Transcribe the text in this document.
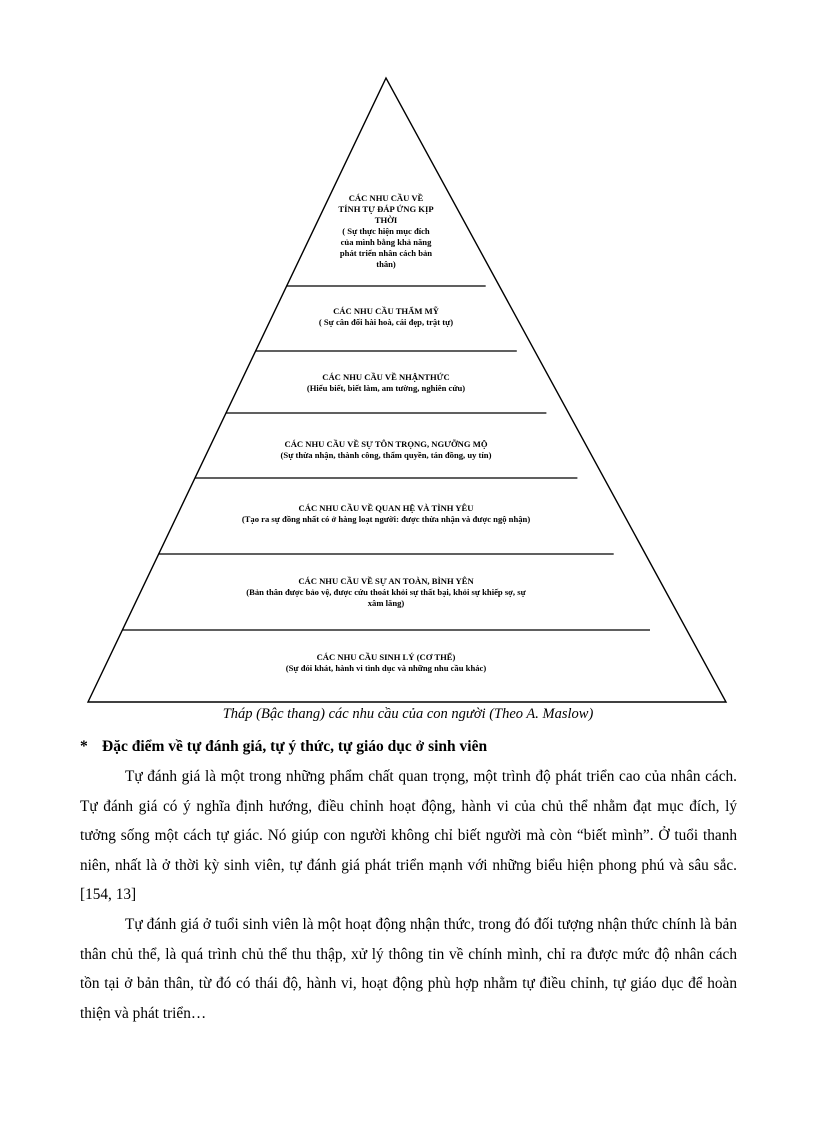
CÁC NHU CẦU VỀ
TÍNH TỰ ĐÁP ỨNG KỊP
THỜI
( Sự thực hiện mục đích
của mình bằng khả năng
phát triển nhân cách bản
thân)
CÁC NHU CẦU THẨM MỸ
( Sự cân đối hài hoà, cái đẹp, trật tự)
CÁC NHU CẦU VỀ NHẬNTHỨC
(Hiểu biết, biết làm, am tường, nghiên cứu)
CÁC NHU CẦU VỀ SỰ TÔN TRỌNG, NGƯỠNG MỘ
(Sự thừa nhận, thành công, thẩm quyền, tán đồng, uy tín)
CÁC NHU CẦU VỀ QUAN HỆ VÀ TÌNH YÊU
(Tạo ra sự đồng nhất có ở hàng loạt người: được thừa nhận và được ngộ nhận)
CÁC NHU CẦU VỀ SỰ AN TOÀN, BÌNH YÊN
(Bản thân được bảo vệ, được cứu thoát khỏi sự thất bại, khỏi sự khiếp sợ, sự
xâm lăng)
CÁC NHU CẦU SINH LÝ (CƠ THỂ)
(Sự đói khát, hành vi tình dục và những nhu cầu khác)
Tháp (Bậc thang) các nhu cầu của con người (Theo A. Maslow)
* Đặc điểm về tự đánh giá, tự ý thức, tự giáo dục ở sinh viên

Tự đánh giá là một trong những phẩm chất quan trọng, một trình độ phát triển cao của nhân cách. Tự đánh giá có ý nghĩa định hướng, điều chỉnh hoạt động, hành vi của chủ thể nhằm đạt mục đích, lý tưởng sống một cách tự giác. Nó giúp con người không chỉ biết người mà còn “biết mình”. Ở tuổi thanh niên, nhất là ở thời kỳ sinh viên, tự đánh giá phát triển mạnh với những biểu hiện phong phú và sâu sắc. [154, 13]

Tự đánh giá ở tuổi sinh viên là một hoạt động nhận thức, trong đó đối tượng nhận thức chính là bản thân chủ thể, là quá trình chủ thể thu thập, xử lý thông tin về chính mình, chỉ ra được mức độ nhân cách tồn tại ở bản thân, từ đó có thái độ, hành vi, hoạt động phù hợp nhằm tự điều chỉnh, tự giáo dục để hoàn thiện và phát triển…
